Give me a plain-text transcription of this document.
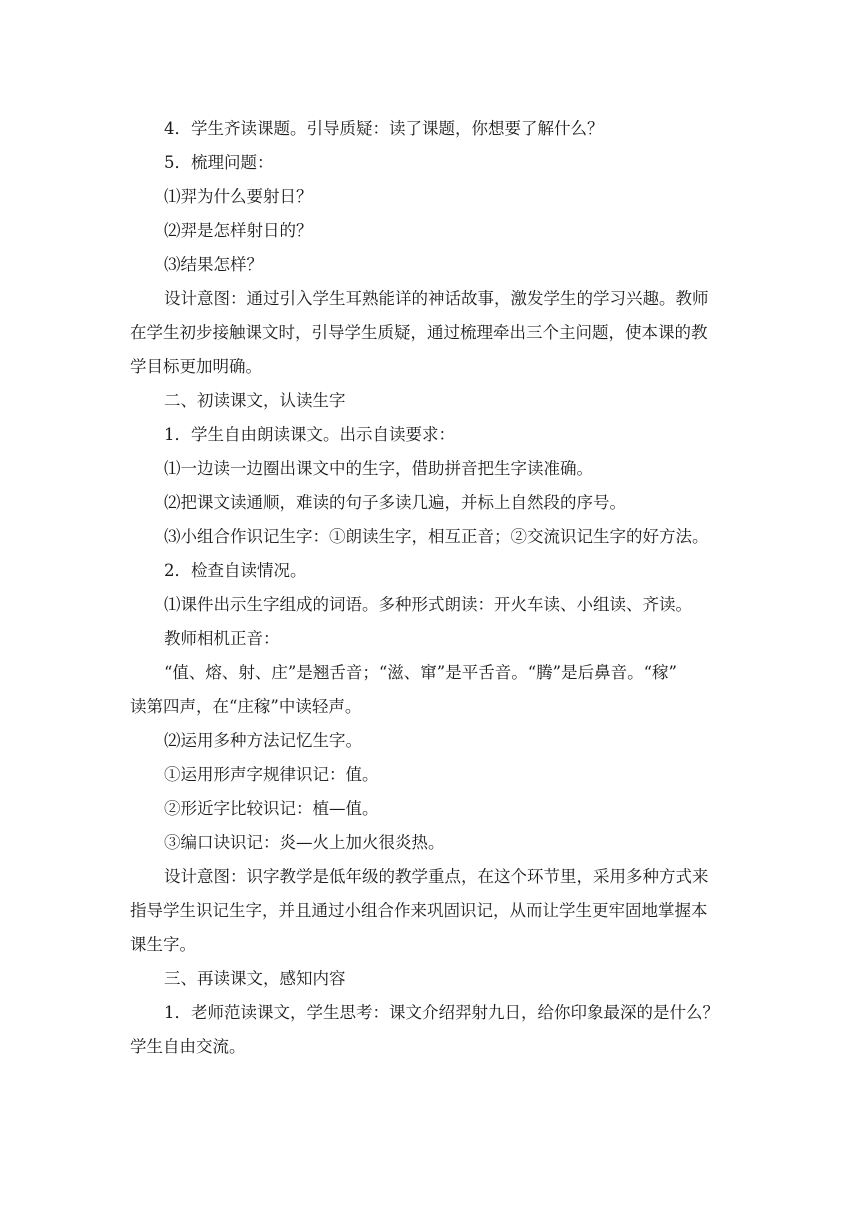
4．学生齐读课题。引导质疑：读了课题，你想要了解什么？

5．梳理问题：

⑴羿为什么要射日？

⑵羿是怎样射日的？

⑶结果怎样？

设计意图：通过引入学生耳熟能详的神话故事，激发学生的学习兴趣。教师

在学生初步接触课文时，引导学生质疑，通过梳理牵出三个主问题，使本课的教

学目标更加明确。

二、初读课文，认读生字

1．学生自由朗读课文。出示自读要求：

⑴一边读一边圈出课文中的生字，借助拼音把生字读准确。

⑵把课文读通顺，难读的句子多读几遍，并标上自然段的序号。

⑶小组合作识记生字：①朗读生字，相互正音；②交流识记生字的好方法。

2．检查自读情况。

⑴课件出示生字组成的词语。多种形式朗读：开火车读、小组读、齐读。

教师相机正音：

“值、熔、射、庄”是翘舌音；“滋、窜”是平舌音。“腾”是后鼻音。“稼”

读第四声，在“庄稼”中读轻声。

⑵运用多种方法记忆生字。

①运用形声字规律识记：值。

②形近字比较识记：植—值。

③编口诀识记：炎—火上加火很炎热。

设计意图：识字教学是低年级的教学重点，在这个环节里，采用多种方式来

指导学生识记生字，并且通过小组合作来巩固识记，从而让学生更牢固地掌握本

课生字。

三、再读课文，感知内容

1．老师范读课文，学生思考：课文介绍羿射九日，给你印象最深的是什么？

学生自由交流。
